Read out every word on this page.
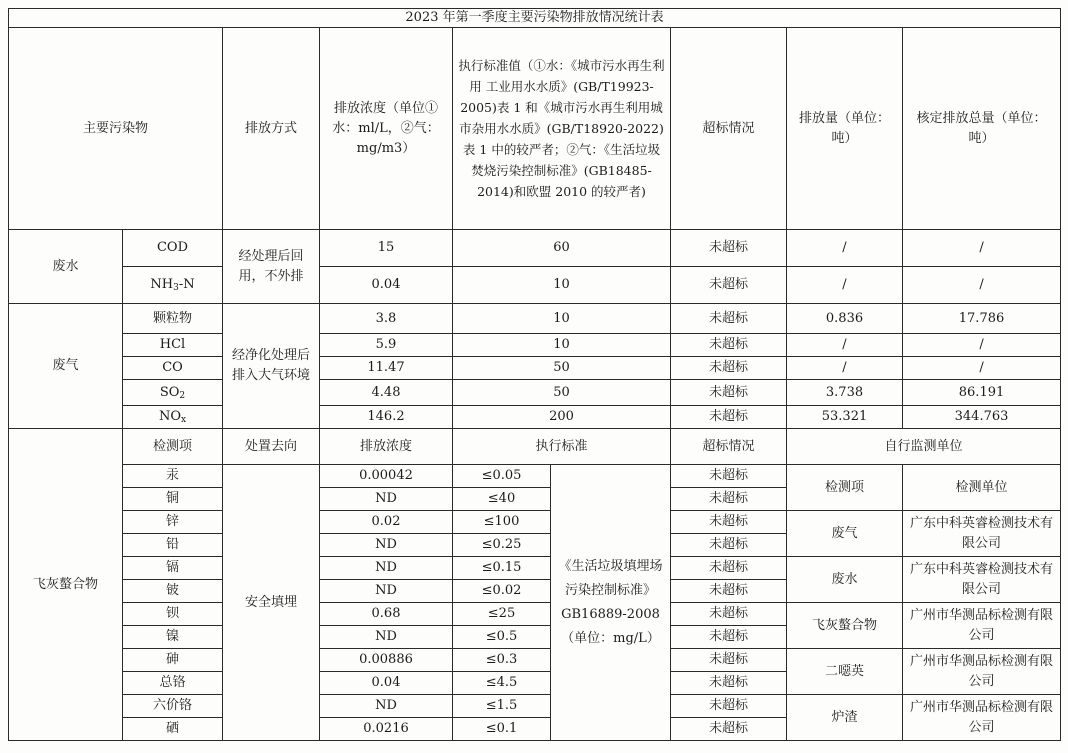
2023 年第一季度主要污染物排放情况统计表								
主要污染物		排放方式	排放浓度（单位①水：ml/L，②气：mg/m3）	执行标准值（①水：《城市污水再生利用 工业用水水质》(GB/T19923-2005)表 1 和《城市污水再生利用城市杂用水水质》(GB/T18920-2022)表 1 中的较严者；②气：《生活垃圾焚烧污染控制标准》(GB18485-2014)和欧盟 2010 的较严者)		超标情况	排放量（单位：吨）	核定排放总量（单位：吨）
废水	COD	经处理后回用，不外排	15	60		未超标	/	/
	$NH_3-N$		0.04	10		未超标	/	/
废气	颗粒物	经净化处理后排入大气环境	3.8	10		未超标	0.836	17.786
	HCl		5.9	10		未超标	/	/
	CO		11.47	50		未超标	/	/
	$SO_2$		4.48	50		未超标	3.738	86.191
	$NO_x$		146.2	200		未超标	53.321	344.763
飞灰螯合物	检测项	处置去向	排放浓度	执行标准		超标情况	自行监测单位	
	汞	安全填埋	0.00042	≤0.05	《生活垃圾填埋场污染控制标准》GB16889-2008（单位：mg/L）	未超标	检测项	检测单位
	铜		ND	≤40		未超标		
	锌		0.02	≤100		未超标	废气	广东中科英睿检测技术有限公司
	铅		ND	≤0.25		未超标		
	镉		ND	≤0.15		未超标	废水	广东中科英睿检测技术有限公司
	铍		ND	≤0.02		未超标		
	钡		0.68	≤25		未超标	飞灰螯合物	广州市华测品标检测有限公司
	镍		ND	≤0.5		未超标		
	砷		0.00886	≤0.3		未超标	二噁英	广州市华测品标检测有限公司
	总铬		0.04	≤4.5		未超标		
	六价铬		ND	≤1.5		未超标	炉渣	广州市华测品标检测有限公司
	硒		0.0216	≤0.1		未超标		
